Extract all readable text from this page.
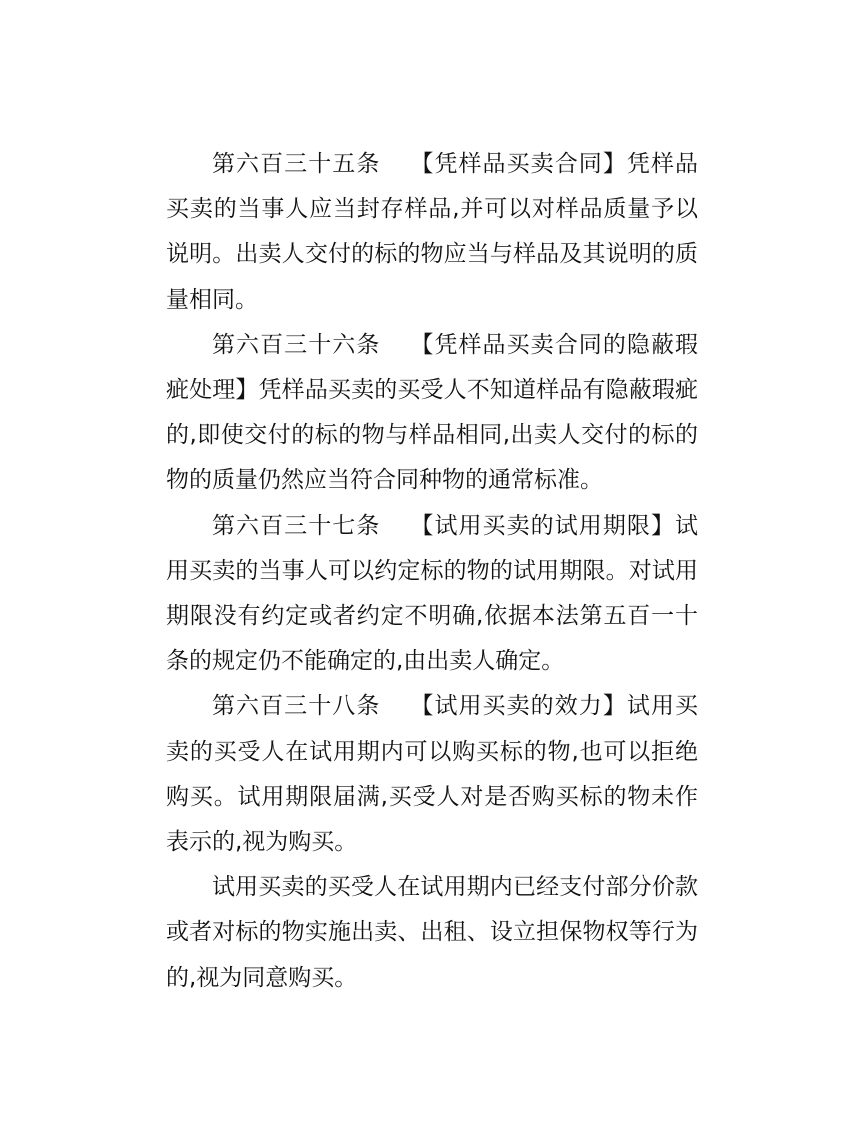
第六百三十五条 【凭样品买卖合同】凭样品买卖的当事人应当封存样品,并可以对样品质量予以说明。出卖人交付的标的物应当与样品及其说明的质量相同。

第六百三十六条 【凭样品买卖合同的隐蔽瑕疵处理】凭样品买卖的买受人不知道样品有隐蔽瑕疵的,即使交付的标的物与样品相同,出卖人交付的标的物的质量仍然应当符合同种物的通常标准。

第六百三十七条 【试用买卖的试用期限】试用买卖的当事人可以约定标的物的试用期限。对试用期限没有约定或者约定不明确,依据本法第五百一十条的规定仍不能确定的,由出卖人确定。

第六百三十八条 【试用买卖的效力】试用买卖的买受人在试用期内可以购买标的物,也可以拒绝购买。试用期限届满,买受人对是否购买标的物未作表示的,视为购买。

试用买卖的买受人在试用期内已经支付部分价款或者对标的物实施出卖、出租、设立担保物权等行为的,视为同意购买。
